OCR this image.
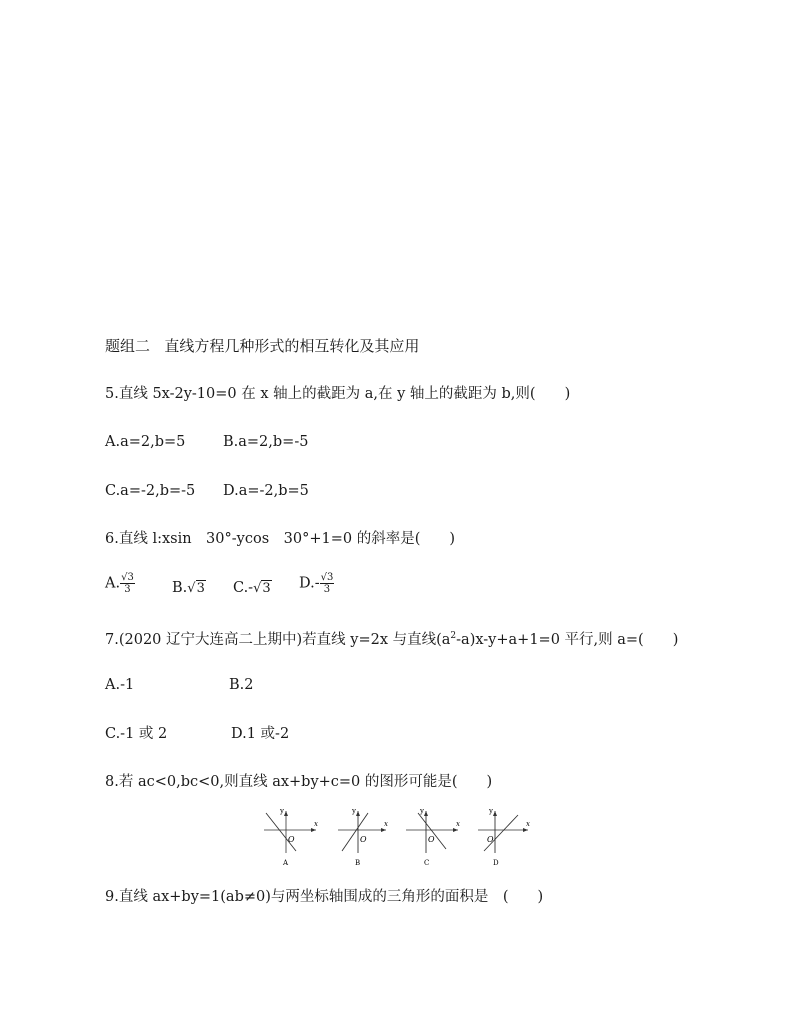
题组二 直线方程几种形式的相互转化及其应用
5.直线 5x-2y-10=0 在 x 轴上的截距为 a,在 y 轴上的截距为 b,则(　　)
A.a=2,b=5	B.a=2,b=-5
C.a=-2,b=-5 D.a=-2,b=5
6.直线 l:xsin　30°-ycos　30°+1=0 的斜率是(　　)
A. $\frac{√3}{3}$	B.√3 C.-√3 $D.- \frac{√3}{3}$
7.(2020 辽宁大连高二上期中)若直线 y=2x 与直线$(a^2-a)x-y+a+1=0$ 平行,则 a=(　　)
A.-1	B.2
C.-1 或 2	D.1 或-2
8.若 ac<0,bc<0,则直线 ax+by+c=0 的图形可能是(　　)
y
x
O
A
y
x
O
B
y
x
O
C
y
x
O
D
9.直线 ax+by=1(ab≠0)与两坐标轴围成的三角形的面积是　(　　)
